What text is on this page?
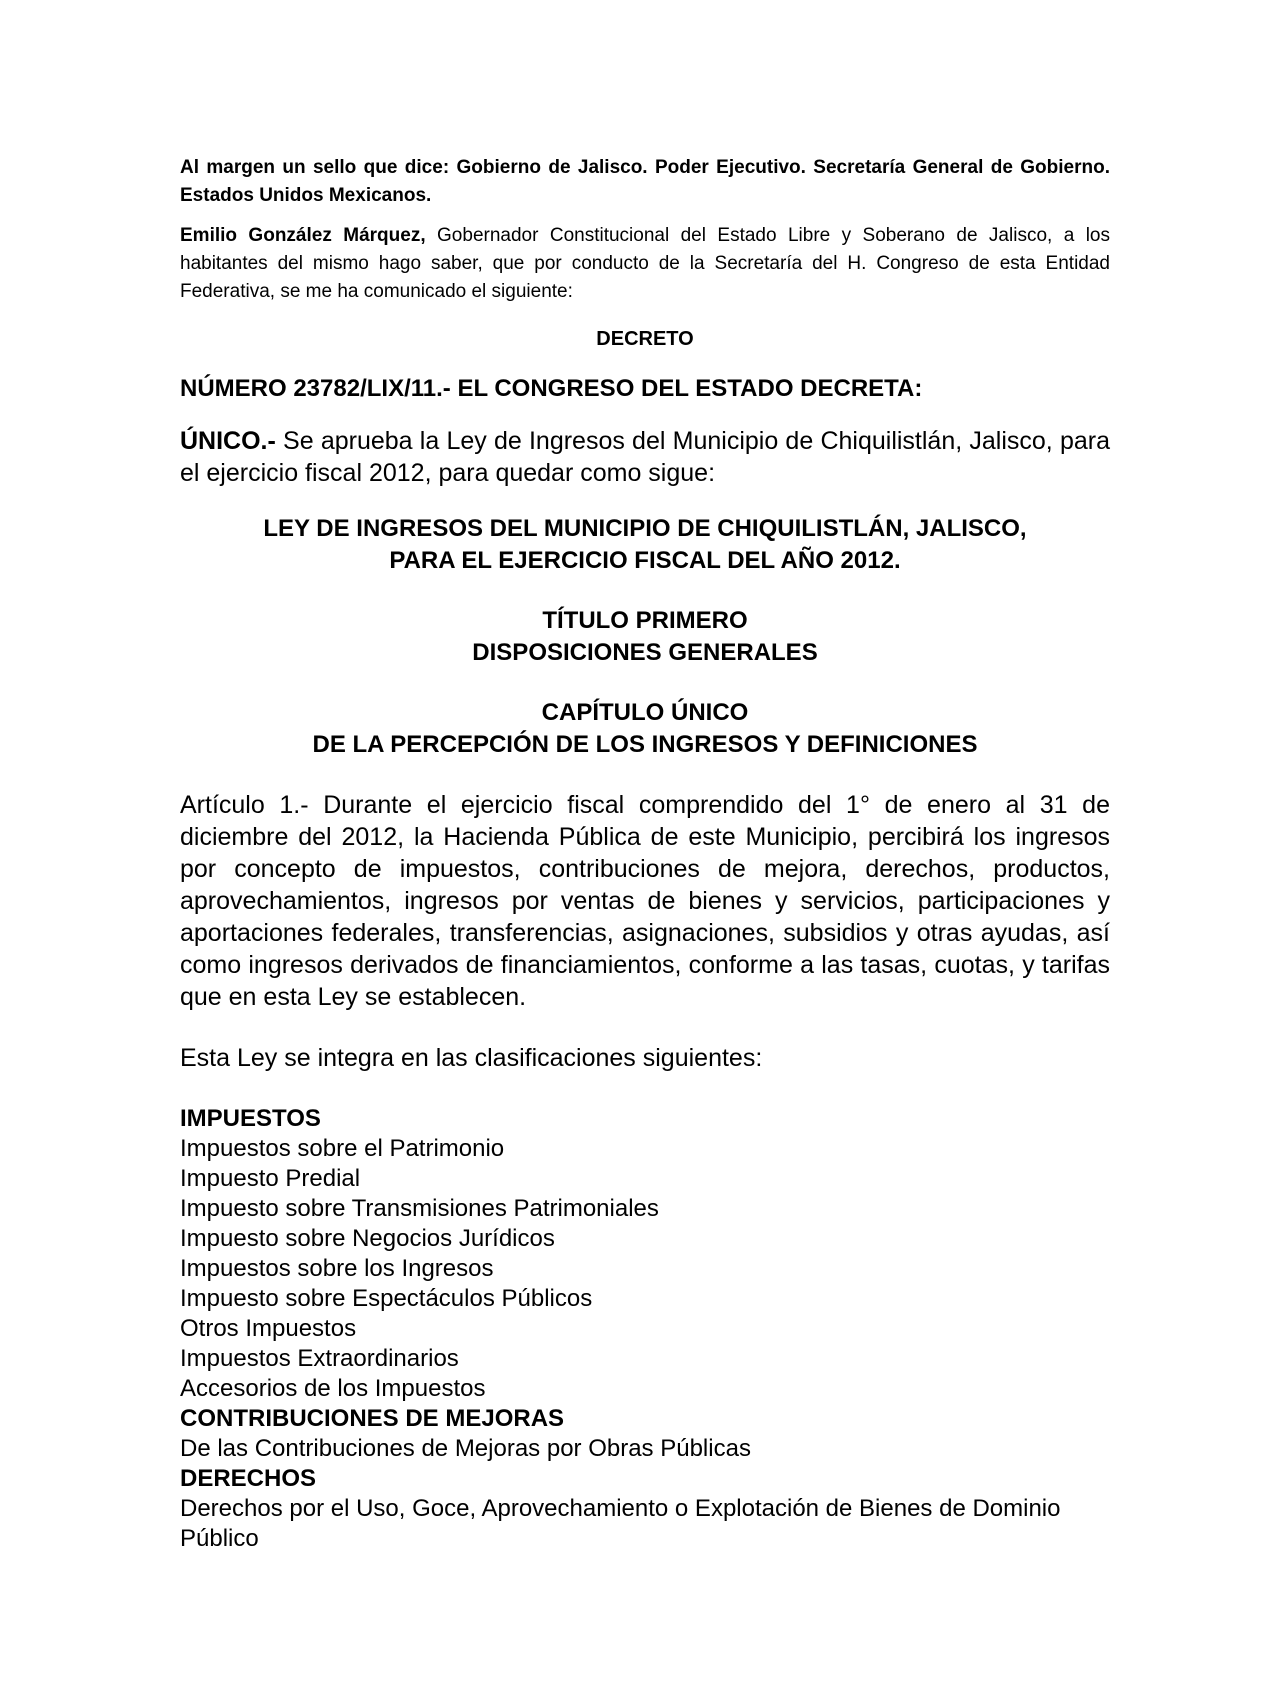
Al margen un sello que dice: Gobierno de Jalisco. Poder Ejecutivo. Secretaría General de Gobierno. Estados Unidos Mexicanos.

Emilio González Márquez, Gobernador Constitucional del Estado Libre y Soberano de Jalisco, a los habitantes del mismo hago saber, que por conducto de la Secretaría del H. Congreso de esta Entidad Federativa, se me ha comunicado el siguiente:

DECRETO
NÚMERO 23782/LIX/11.- EL CONGRESO DEL ESTADO DECRETA:

ÚNICO.- Se aprueba la Ley de Ingresos del Municipio de Chiquilistlán, Jalisco, para el ejercicio fiscal 2012, para quedar como sigue:

LEY DE INGRESOS DEL MUNICIPIO DE CHIQUILISTLÁN, JALISCO,
PARA EL EJERCICIO FISCAL DEL AÑO 2012.
TÍTULO PRIMERO
DISPOSICIONES GENERALES
CAPÍTULO ÚNICO
DE LA PERCEPCIÓN DE LOS INGRESOS Y DEFINICIONES

Artículo 1.- Durante el ejercicio fiscal comprendido del 1° de enero al 31 de diciembre del 2012, la Hacienda Pública de este Municipio, percibirá los ingresos por concepto de impuestos, contribuciones de mejora, derechos, productos, aprovechamientos, ingresos por ventas de bienes y servicios, participaciones y aportaciones federales, transferencias, asignaciones, subsidios y otras ayudas, así como ingresos derivados de financiamientos, conforme a las tasas, cuotas, y tarifas que en esta Ley se establecen.

Esta Ley se integra en las clasificaciones siguientes:

IMPUESTOS
Impuestos sobre el Patrimonio
Impuesto Predial
Impuesto sobre Transmisiones Patrimoniales
Impuesto sobre Negocios Jurídicos
Impuestos sobre los Ingresos
Impuesto sobre Espectáculos Públicos
Otros Impuestos
Impuestos Extraordinarios
Accesorios de los Impuestos
CONTRIBUCIONES DE MEJORAS
De las Contribuciones de Mejoras por Obras Públicas
DERECHOS
Derechos por el Uso, Goce, Aprovechamiento o Explotación de Bienes de Dominio Público
